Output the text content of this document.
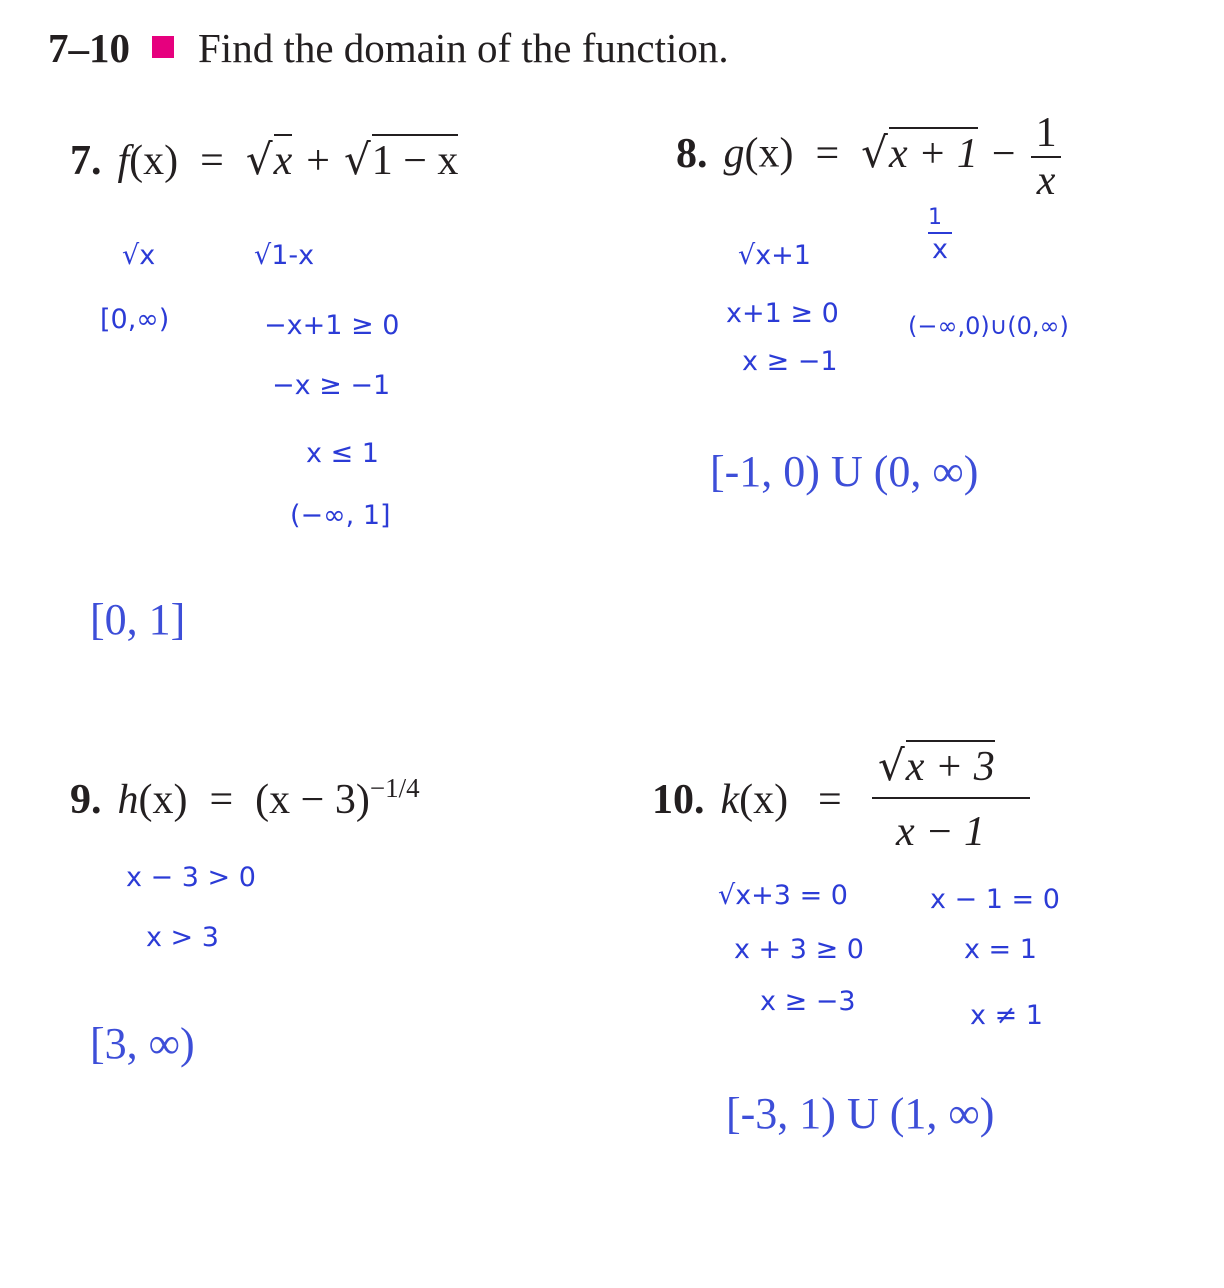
7–10 Find the domain of the function.
7. f(x) = √x + √1 − x
√x	√1-x
[0,∞)	−x+1 ≥ 0
−x ≥ −1
x ≤ 1
(−∞, 1]
[0, 1]
8. $g(x) = √x + 1 - \frac{1}{x}$
√x+1
1
x
x+1 ≥ 0
x ≥ −1
(−∞,0)∪(0,∞)
[-1, 0) U (0, ∞)
9. $h(x) = (x - 3)^{-1/4}$
x − 3 > 0
x > 3
[3, ∞)
10. k(x) =
√x + 3
x − 1
√x+3 = 0	x − 1 = 0
x + 3 ≥ 0	x = 1
x ≥ −3	x ≠ 1
[-3, 1) U (1, ∞)
